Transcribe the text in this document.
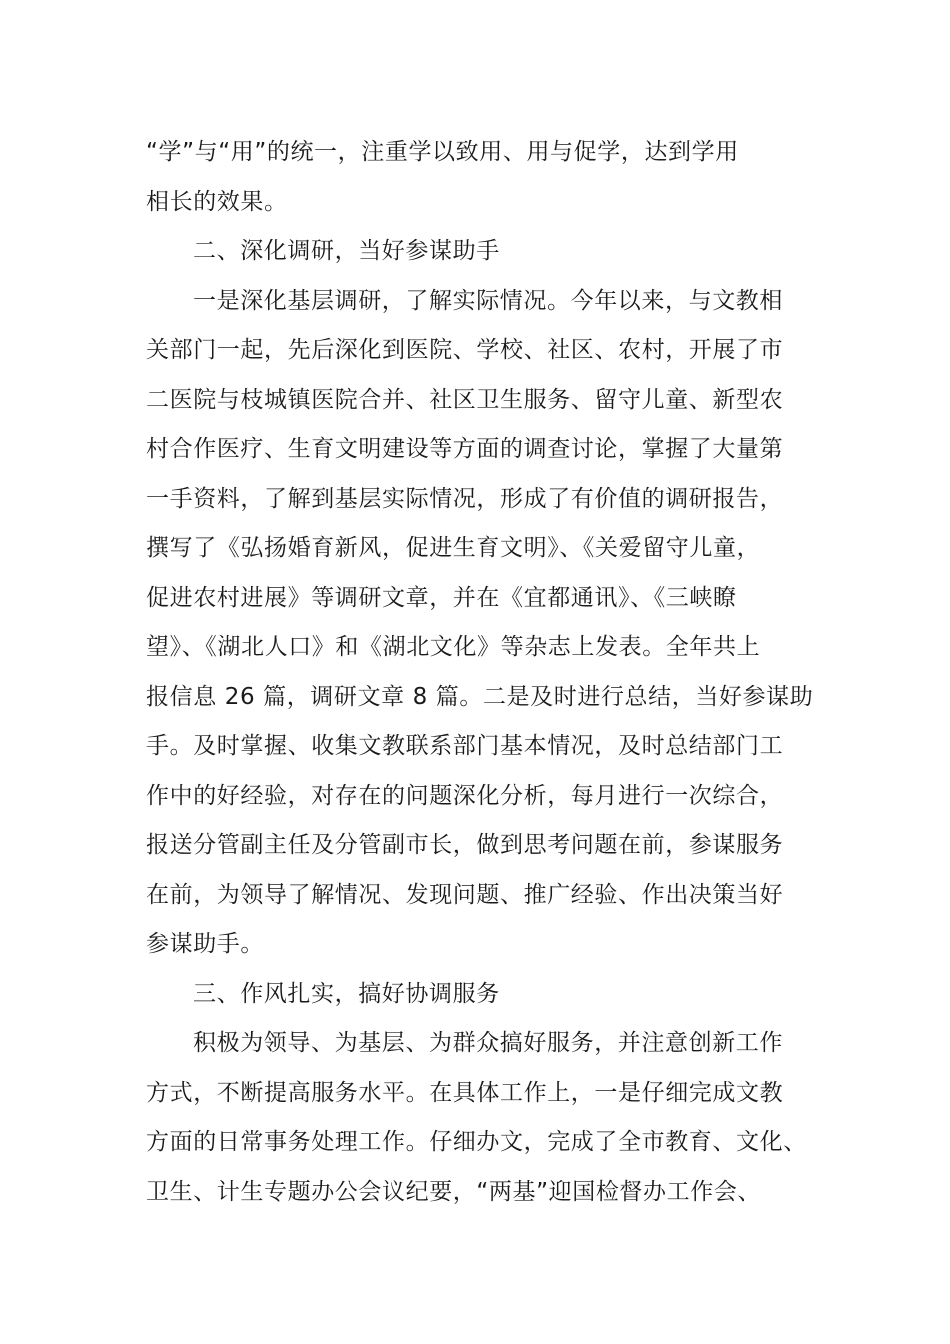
“学”与“用”的统一，注重学以致用、用与促学，达到学用
相长的效果。
二、深化调研，当好参谋助手
一是深化基层调研，了解实际情况。今年以来，与文教相
关部门一起，先后深化到医院、学校、社区、农村，开展了市
二医院与枝城镇医院合并、社区卫生服务、留守儿童、新型农
村合作医疗、生育文明建设等方面的调查讨论，掌握了大量第
一手资料，了解到基层实际情况，形成了有价值的调研报告，
撰写了《弘扬婚育新风，促进生育文明》、《关爱留守儿童，
促进农村进展》等调研文章，并在《宜都通讯》、《三峡瞭
望》、《湖北人口》和《湖北文化》等杂志上发表。全年共上
报信息 26 篇，调研文章 8 篇。二是及时进行总结，当好参谋助
手。及时掌握、收集文教联系部门基本情况，及时总结部门工
作中的好经验，对存在的问题深化分析，每月进行一次综合，
报送分管副主任及分管副市长，做到思考问题在前，参谋服务
在前，为领导了解情况、发现问题、推广经验、作出决策当好
参谋助手。
三、作风扎实，搞好协调服务
积极为领导、为基层、为群众搞好服务，并注意创新工作
方式，不断提高服务水平。在具体工作上，一是仔细完成文教
方面的日常事务处理工作。仔细办文，完成了全市教育、文化、
卫生、计生专题办公会议纪要，“两基”迎国检督办工作会、
